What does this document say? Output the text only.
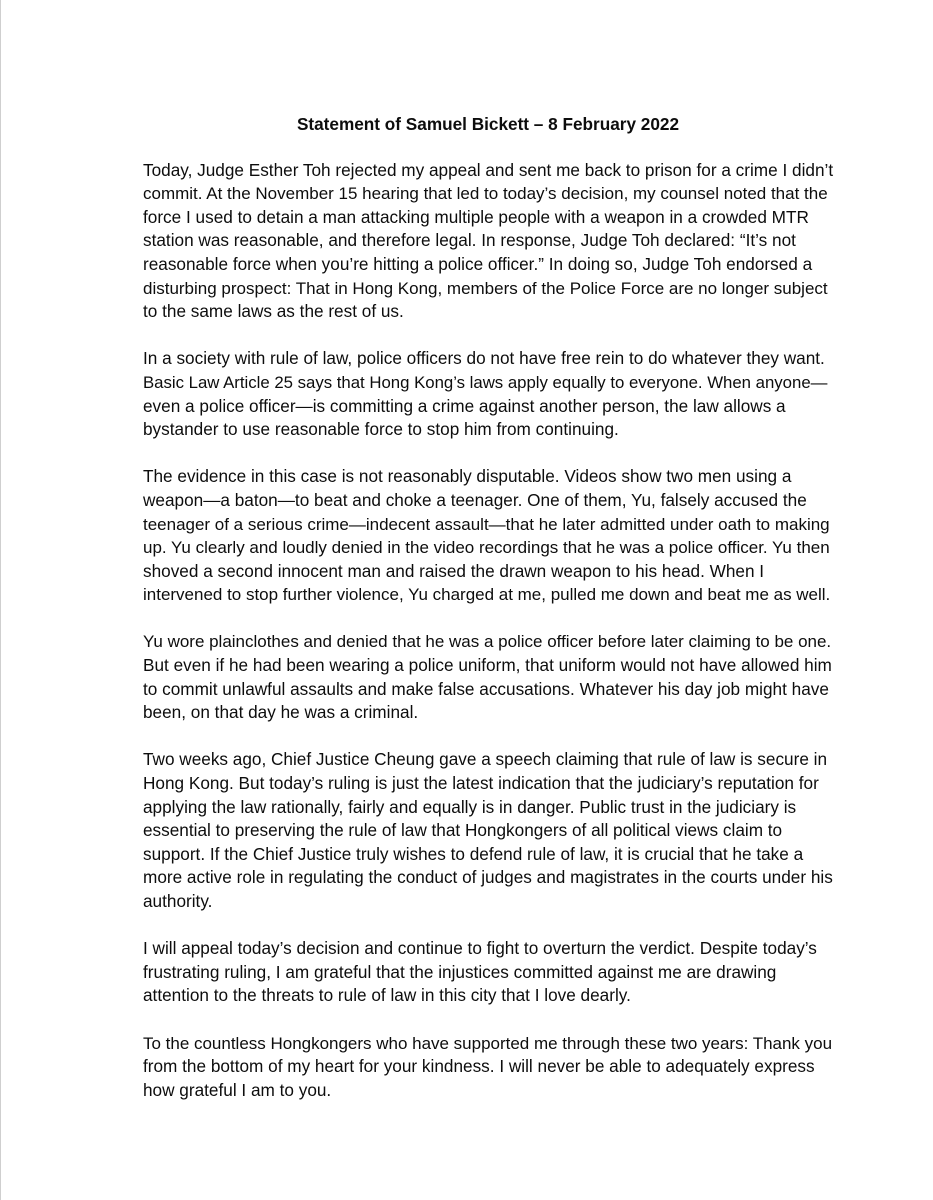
Statement of Samuel Bickett – 8 February 2022
Today, Judge Esther Toh rejected my appeal and sent me back to prison for a crime I didn’t
commit. At the November 15 hearing that led to today’s decision, my counsel noted that the
force I used to detain a man attacking multiple people with a weapon in a crowded MTR
station was reasonable, and therefore legal. In response, Judge Toh declared: “It’s not
reasonable force when you’re hitting a police officer.” In doing so, Judge Toh endorsed a
disturbing prospect: That in Hong Kong, members of the Police Force are no longer subject
to the same laws as the rest of us.
In a society with rule of law, police officers do not have free rein to do whatever they want.
Basic Law Article 25 says that Hong Kong’s laws apply equally to everyone. When anyone—
even a police officer—is committing a crime against another person, the law allows a
bystander to use reasonable force to stop him from continuing.
The evidence in this case is not reasonably disputable. Videos show two men using a
weapon—a baton—to beat and choke a teenager. One of them, Yu, falsely accused the
teenager of a serious crime—indecent assault—that he later admitted under oath to making
up. Yu clearly and loudly denied in the video recordings that he was a police officer. Yu then
shoved a second innocent man and raised the drawn weapon to his head. When I
intervened to stop further violence, Yu charged at me, pulled me down and beat me as well.
Yu wore plainclothes and denied that he was a police officer before later claiming to be one.
But even if he had been wearing a police uniform, that uniform would not have allowed him
to commit unlawful assaults and make false accusations. Whatever his day job might have
been, on that day he was a criminal.
Two weeks ago, Chief Justice Cheung gave a speech claiming that rule of law is secure in
Hong Kong. But today’s ruling is just the latest indication that the judiciary’s reputation for
applying the law rationally, fairly and equally is in danger. Public trust in the judiciary is
essential to preserving the rule of law that Hongkongers of all political views claim to
support. If the Chief Justice truly wishes to defend rule of law, it is crucial that he take a
more active role in regulating the conduct of judges and magistrates in the courts under his
authority.
I will appeal today’s decision and continue to fight to overturn the verdict. Despite today’s
frustrating ruling, I am grateful that the injustices committed against me are drawing
attention to the threats to rule of law in this city that I love dearly.
To the countless Hongkongers who have supported me through these two years: Thank you
from the bottom of my heart for your kindness. I will never be able to adequately express
how grateful I am to you.
